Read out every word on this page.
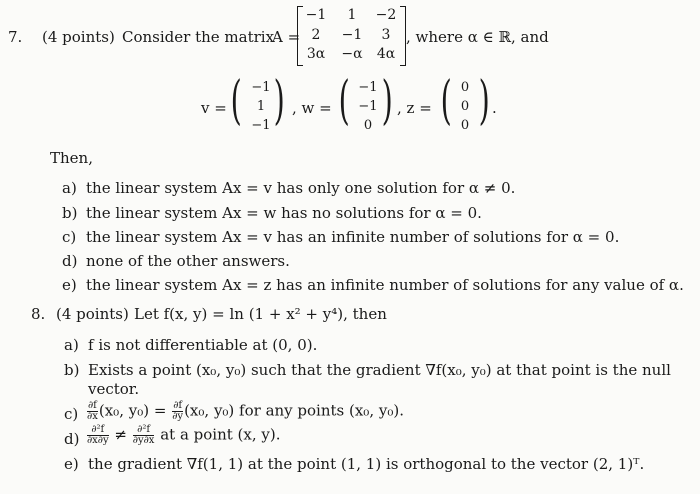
7. (4 points) Consider the matrix
A =
−1	1	−2
2	−1	3
3α	−α	4α
, where α ∈ ℝ, and
v = ( −1
1
−1 ) , w = ( −1
−1
0 ) , z = ( 0
0
0 ) .
Then,
a) the linear system Ax = v has only one solution for α ≠ 0.
b) the linear system Ax = w has no solutions for α = 0.
c) the linear system Ax = v has an infinite number of solutions for α = 0.
d) none of the other answers.
e) the linear system Ax = z has an infinite number of solutions for any value of α.
8. (4 points) Let f(x, y) = ln (1 + x² + y⁴), then
a) f is not differentiable at (0, 0).
b) Exists a point (x₀, y₀) such that the gradient ∇f(x₀, y₀) at that point is the null
vector.
$c) \frac{\partial f}{\partial x} (x_0$, $y_0) = \frac{\partial f}{\partial y} (x_0$, y₀) for any points (x₀, y₀).
$d) \frac{\text{∂²f}}{\partial x\partial y} \ne \frac{\text{∂²f}}{\partial y\partial x}$ at a point (x, y).
e) the gradient ∇f(1, 1) at the point (1, 1) is orthogonal to the vector (2, 1)ᵀ.
